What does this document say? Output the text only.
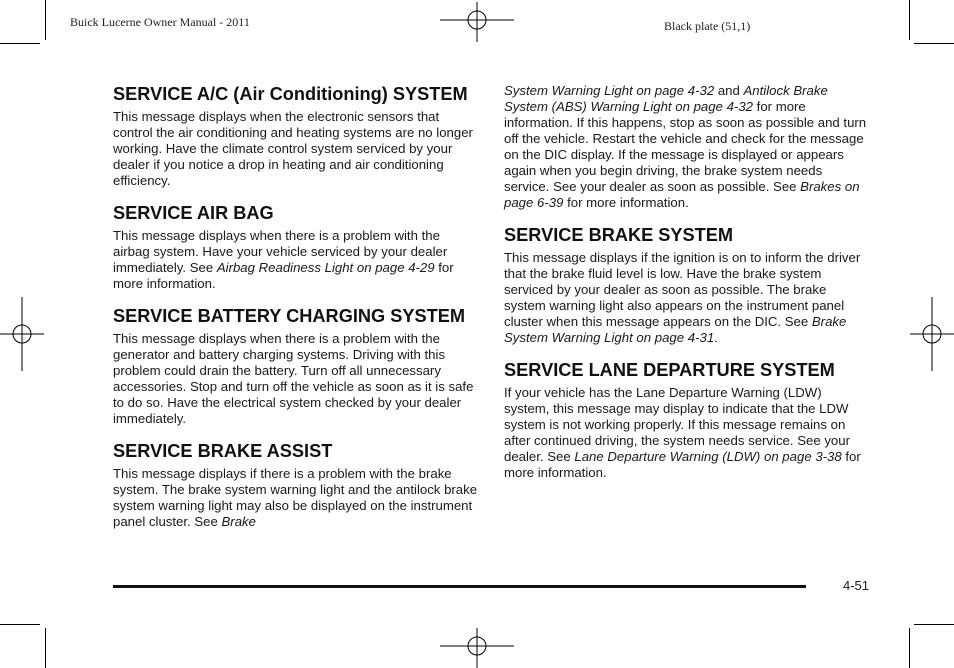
Buick Lucerne Owner Manual - 2011	Black plate (51,1)
SERVICE A/C (Air Conditioning) SYSTEM

This message displays when the electronic sensors that control the air conditioning and heating systems are no longer working. Have the climate control system serviced by your dealer if you notice a drop in heating and air conditioning efficiency.

SERVICE AIR BAG

This message displays when there is a problem with the airbag system. Have your vehicle serviced by your dealer immediately. See Airbag Readiness Light on page 4-29 for more information.

SERVICE BATTERY CHARGING SYSTEM

This message displays when there is a problem with the generator and battery charging systems. Driving with this problem could drain the battery. Turn off all unnecessary accessories. Stop and turn off the vehicle as soon as it is safe to do so. Have the electrical system checked by your dealer immediately.

SERVICE BRAKE ASSIST

This message displays if there is a problem with the brake system. The brake system warning light and the antilock brake system warning light may also be displayed on the instrument panel cluster. See Brake

System Warning Light on page 4-32 and Antilock Brake System (ABS) Warning Light on page 4-32 for more information. If this happens, stop as soon as possible and turn off the vehicle. Restart the vehicle and check for the message on the DIC display. If the message is displayed or appears again when you begin driving, the brake system needs service. See your dealer as soon as possible. See Brakes on page 6-39 for more information.

SERVICE BRAKE SYSTEM

This message displays if the ignition is on to inform the driver that the brake fluid level is low. Have the brake system serviced by your dealer as soon as possible. The brake system warning light also appears on the instrument panel cluster when this message appears on the DIC. See Brake System Warning Light on page 4-31.

SERVICE LANE DEPARTURE SYSTEM

If your vehicle has the Lane Departure Warning (LDW) system, this message may display to indicate that the LDW system is not working properly. If this message remains on after continued driving, the system needs service. See your dealer. See Lane Departure Warning (LDW) on page 3-38 for more information.

4-51
